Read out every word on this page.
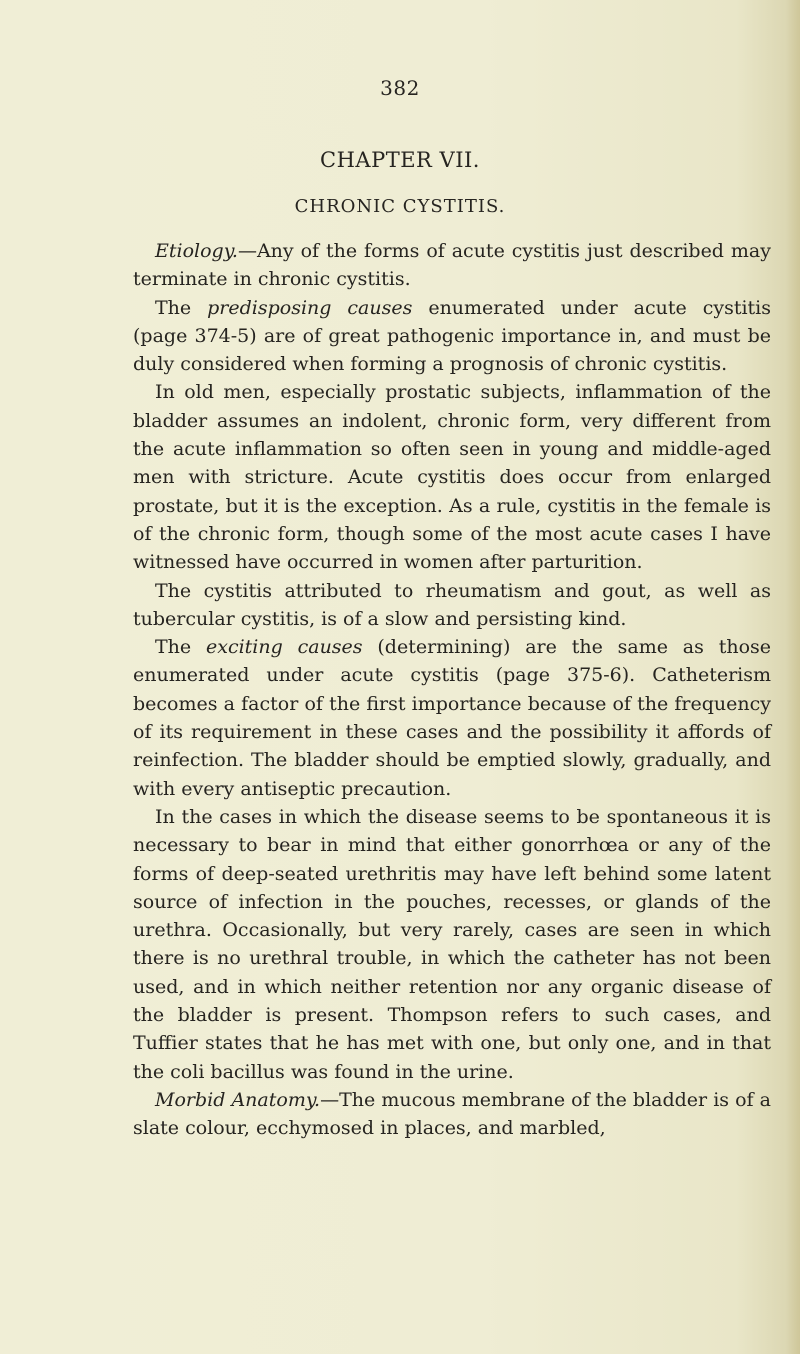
382
CHAPTER VII.
CHRONIC CYSTITIS.

Etiology.—Any of the forms of acute cystitis just described may terminate in chronic cystitis.

The predisposing causes enumerated under acute cystitis (page 374-5) are of great pathogenic importance in, and must be duly considered when forming a prognosis of chronic cystitis.

In old men, especially prostatic subjects, inflammation of the bladder assumes an indolent, chronic form, very different from the acute inflammation so often seen in young and middle-aged men with stricture. Acute cystitis does occur from enlarged prostate, but it is the exception. As a rule, cystitis in the female is of the chronic form, though some of the most acute cases I have witnessed have occurred in women after parturition.

The cystitis attributed to rheumatism and gout, as well as tubercular cystitis, is of a slow and persisting kind.

The exciting causes (determining) are the same as those enumerated under acute cystitis (page 375-6). Catheterism becomes a factor of the first importance because of the frequency of its requirement in these cases and the possibility it affords of reinfection. The bladder should be emptied slowly, gradually, and with every antiseptic precaution.

In the cases in which the disease seems to be spontaneous it is necessary to bear in mind that either gonorrhœa or any of the forms of deep-seated urethritis may have left behind some latent source of infection in the pouches, recesses, or glands of the urethra. Occasionally, but very rarely, cases are seen in which there is no urethral trouble, in which the catheter has not been used, and in which neither retention nor any organic disease of the bladder is present. Thompson refers to such cases, and Tuffier states that he has met with one, but only one, and in that the coli bacillus was found in the urine.

Morbid Anatomy.—The mucous membrane of the bladder is of a slate colour, ecchymosed in places, and marbled,
